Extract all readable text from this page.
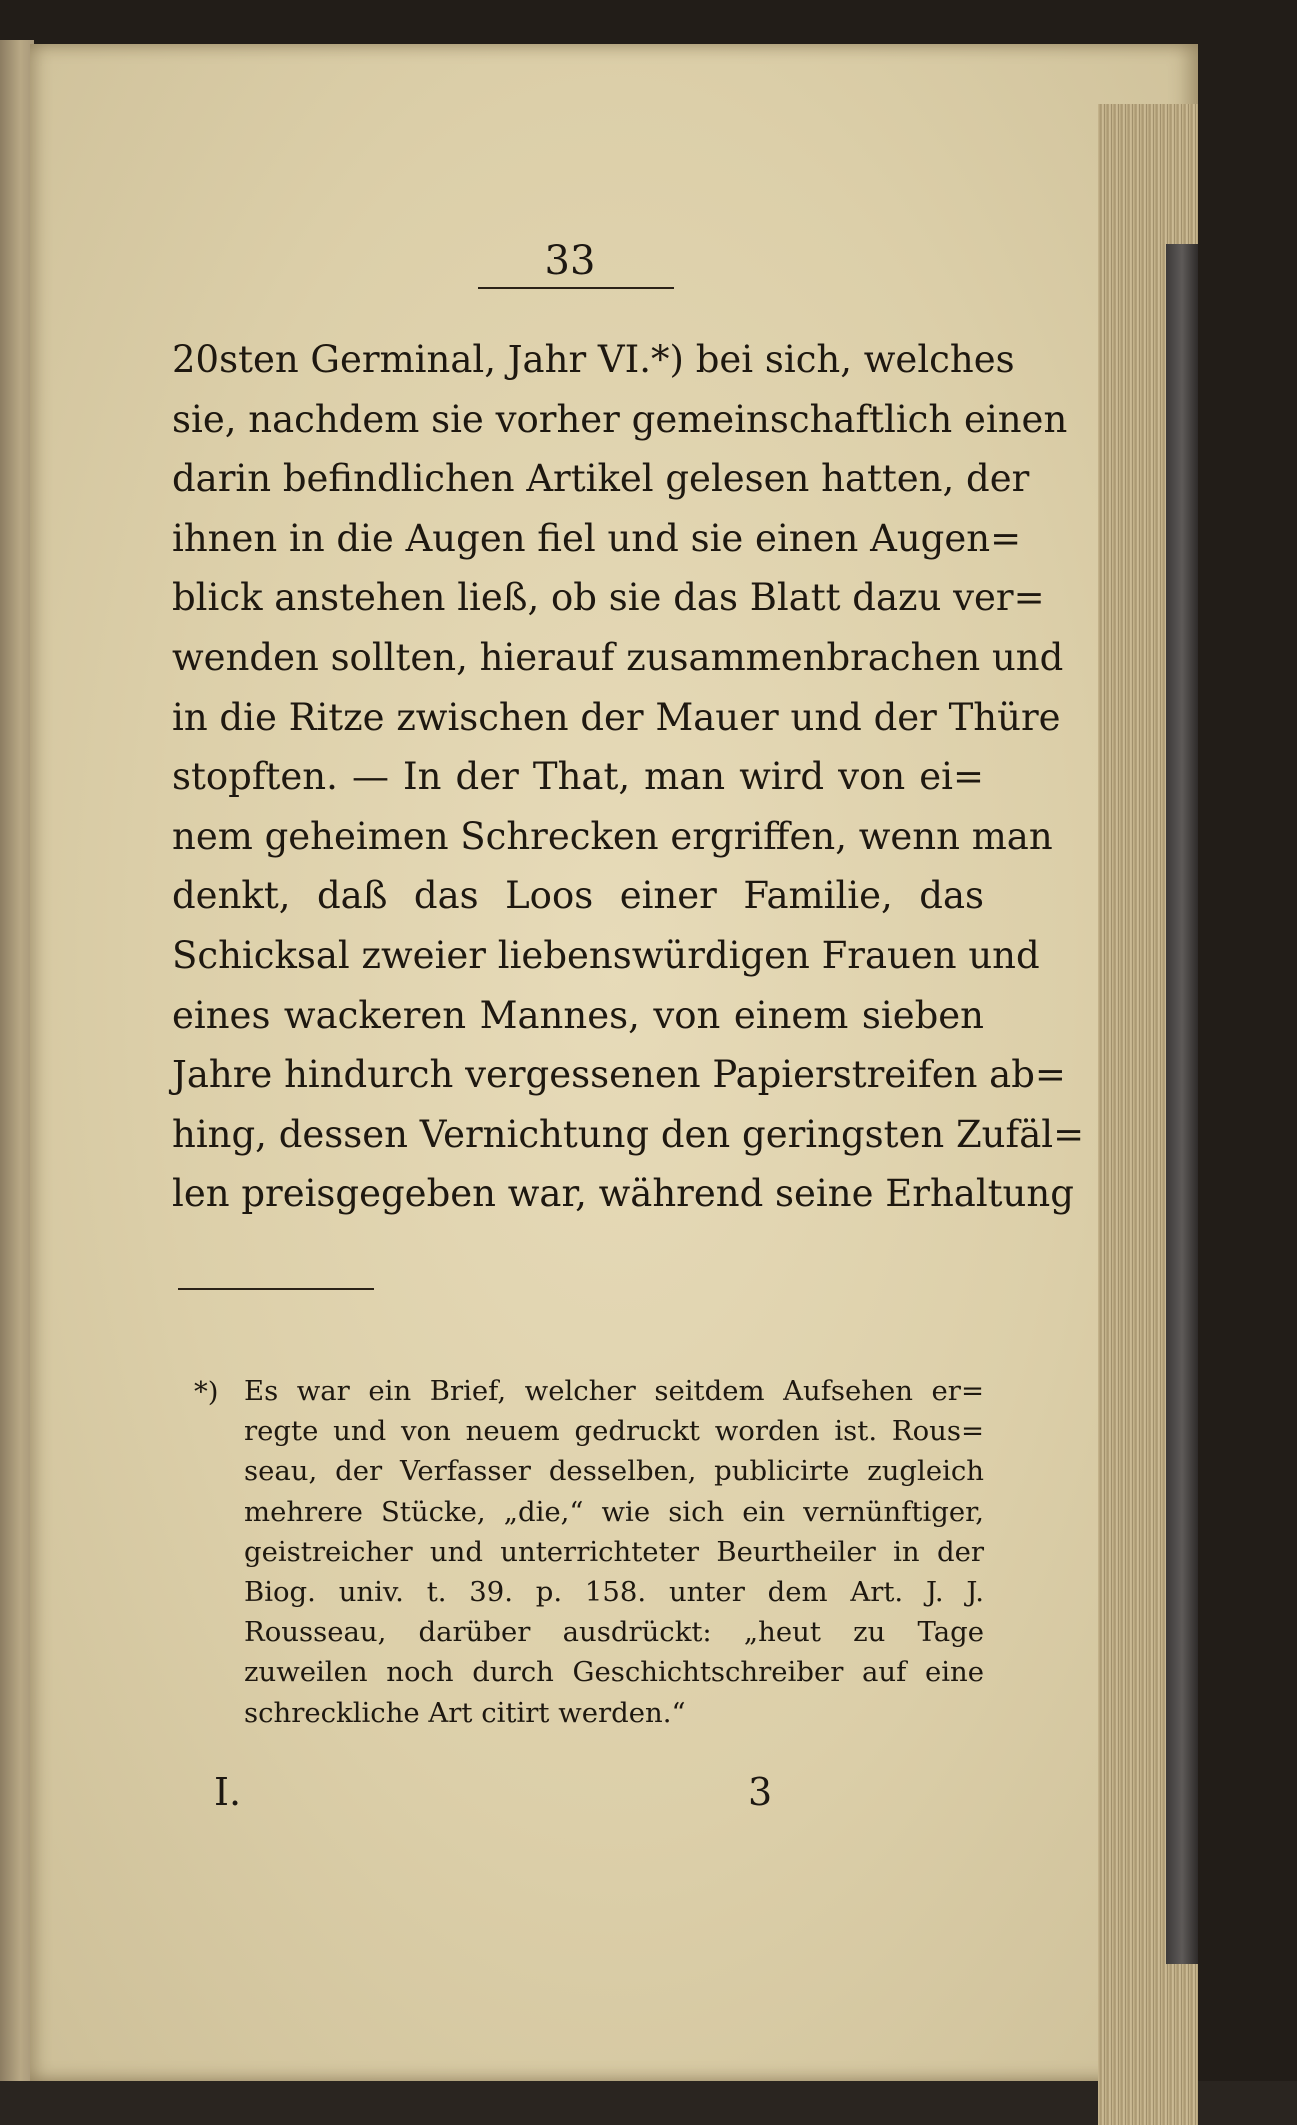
33
20sten Germinal, Jahr VI.*) bei sich, welches
sie, nachdem sie vorher gemeinschaftlich einen
darin befindlichen Artikel gelesen hatten, der
ihnen in die Augen fiel und sie einen Augen=
blick anstehen ließ, ob sie das Blatt dazu ver=
wenden sollten, hierauf zusammenbrachen und
in die Ritze zwischen der Mauer und der Thüre
stopften. — In der That, man wird von ei=
nem geheimen Schrecken ergriffen, wenn man
denkt, daß das Loos einer Familie, das
Schicksal zweier liebenswürdigen Frauen und
eines wackeren Mannes, von einem sieben
Jahre hindurch vergessenen Papierstreifen ab=
hing, dessen Vernichtung den geringsten Zufäl=
len preisgegeben war, während seine Erhaltung
*) Es war ein Brief, welcher seitdem Aufsehen er=
regte und von neuem gedruckt worden ist. Rous=
seau, der Verfasser desselben, publicirte zugleich
mehrere Stücke, „die,“ wie sich ein vernünftiger,
geistreicher und unterrichteter Beurtheiler in der
Biog. univ. t. 39. p. 158. unter dem Art. J. J.
Rousseau, darüber ausdrückt: „heut zu Tage
zuweilen noch durch Geschichtschreiber auf eine
schreckliche Art citirt werden.“
I.	3
